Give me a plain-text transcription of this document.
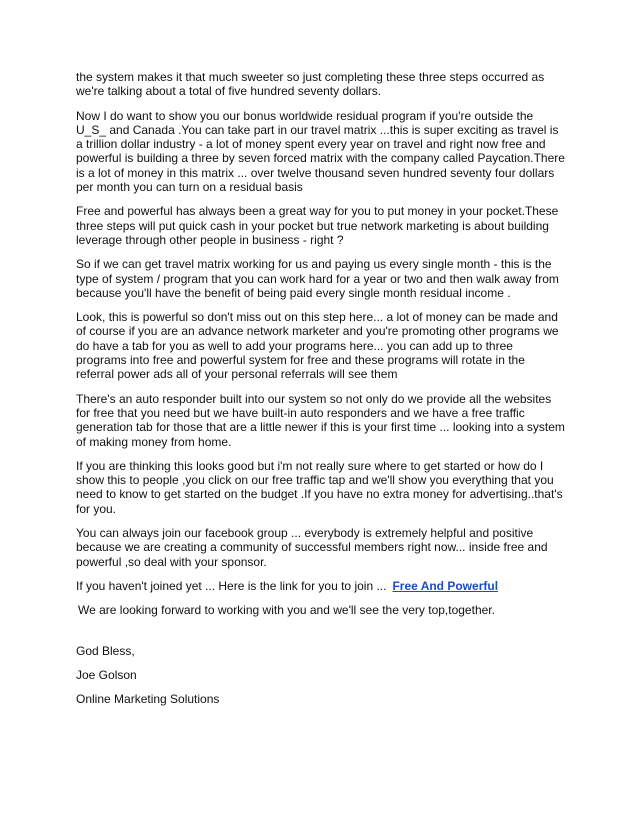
the system makes it that much sweeter so just completing these three steps occurred as we're talking about a total of five hundred seventy dollars.

Now I do want to show you our bonus worldwide residual program if you're outside the U_S_ and Canada .You can take part in our travel matrix ...this is super exciting as travel is a trillion dollar industry - a lot of money spent every year on travel and right now free and powerful is building a three by seven forced matrix with the company called Paycation.There is a lot of money in this matrix ... over twelve thousand seven hundred seventy four dollars per month you can turn on a residual basis

Free and powerful has always been a great way for you to put money in your pocket.These three steps will put quick cash in your pocket but true network marketing is about building leverage through other people in business - right ?

So if we can get travel matrix working for us and paying us every single month - this is the type of system / program that you can work hard for a year or two and then walk away from because you'll have the benefit of being paid every single month residual income .

Look, this is powerful so don't miss out on this step here... a lot of money can be made and of course if you are an advance network marketer and you're promoting other programs we do have a tab for you as well to add your programs here... you can add up to three programs into free and powerful system for free and these programs will rotate in the referral power ads all of your personal referrals will see them

There's an auto responder built into our system so not only do we provide all the websites for free that you need but we have built-in auto responders and we have a free traffic generation tab for those that are a little newer if this is your first time ... looking into a system of making money from home.

If you are thinking this looks good but i'm not really sure where to get started or how do I show this to people ,you click on our free traffic tap and we'll show you everything that you need to know to get started on the budget .If you have no extra money for advertising..that's for you.

You can always join our facebook group ... everybody is extremely helpful and positive because we are creating a community of successful members right now... inside free and powerful ,so deal with your sponsor.

If you haven't joined yet ... Here is the link for you to join ... Free And Powerful

We are looking forward to working with you and we'll see the very top,together.

God Bless,

Joe Golson

Online Marketing Solutions
